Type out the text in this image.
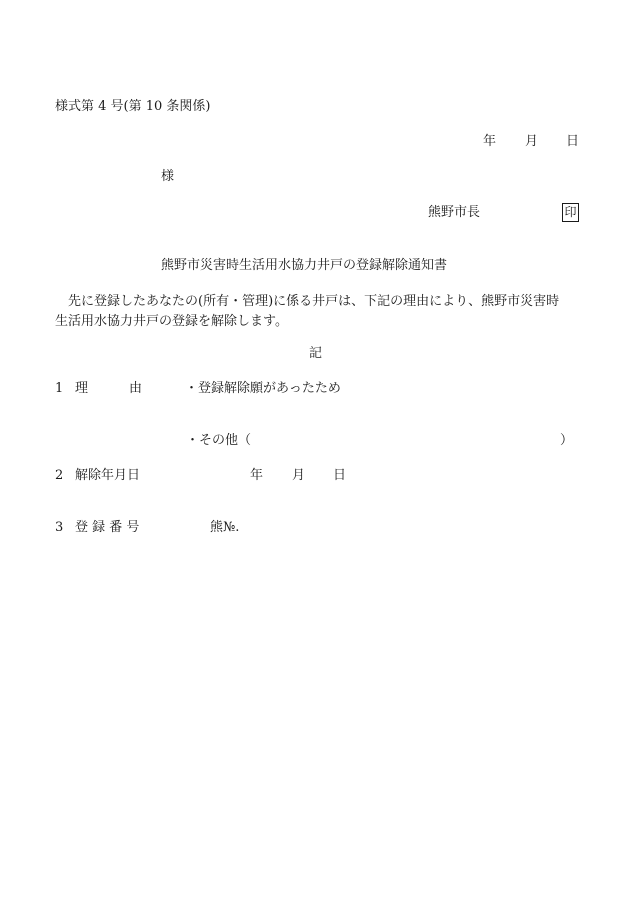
様式第 4 号(第 10 条関係)
年 月 日
様
熊野市長	印
熊野市災害時生活用水協力井戸の登録解除通知書
先に登録したあなたの(所有・管理)に係る井戸は、下記の理由により、熊野市災害時
生活用水協力井戸の登録を解除します。
記
1 理	由	・登録解除願があったため
・その他（	）
2 解除年月日	年 月 日
3 登 録 番 号	熊№.
